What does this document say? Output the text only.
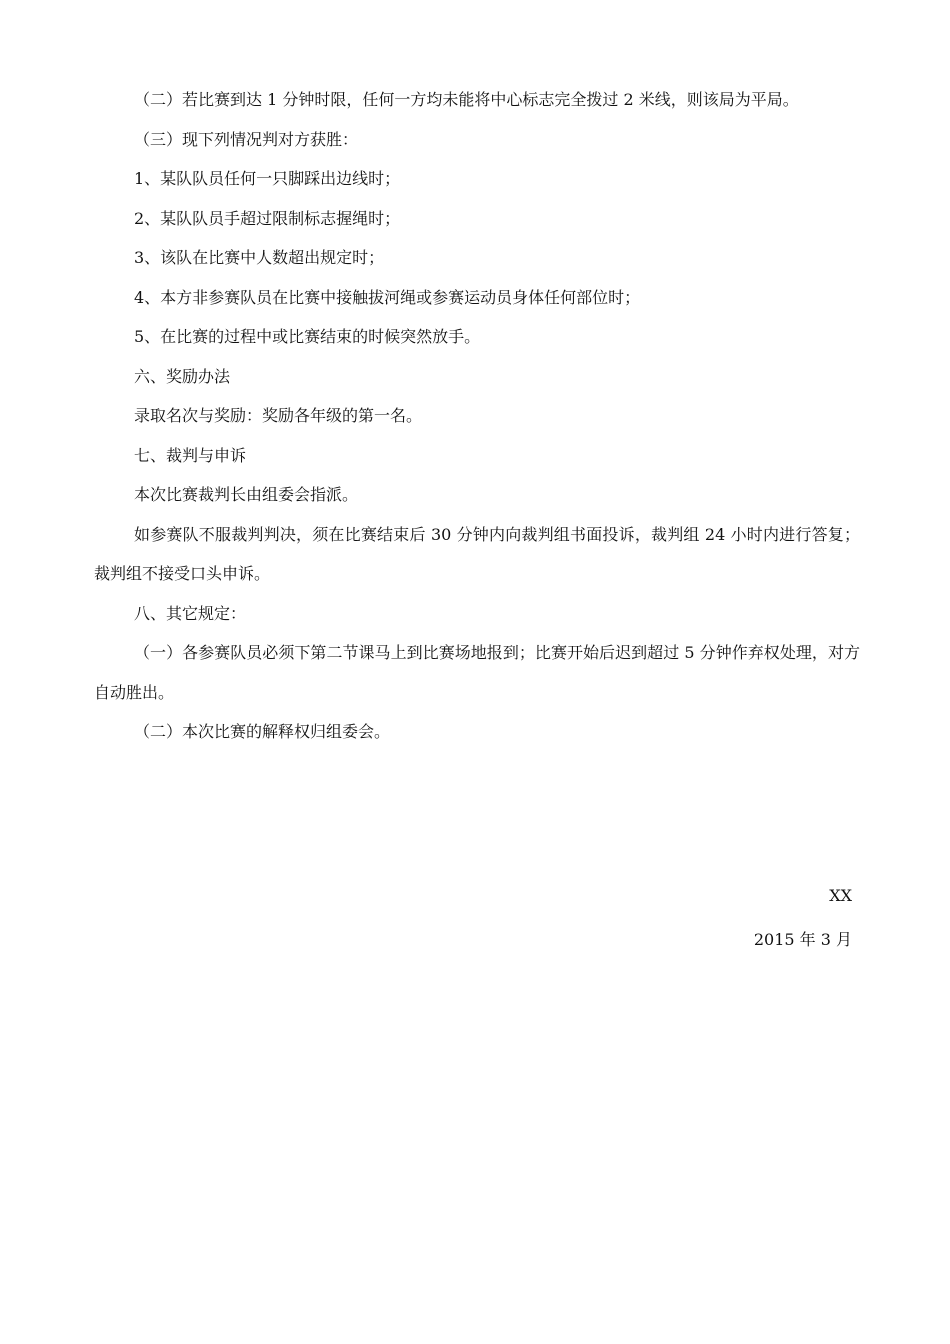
（二）若比赛到达 1 分钟时限，任何一方均未能将中心标志完全拨过 2 米线，则该局为平局。

（三）现下列情况判对方获胜：

1、某队队员任何一只脚踩出边线时；

2、某队队员手超过限制标志握绳时；

3、该队在比赛中人数超出规定时；

4、本方非参赛队员在比赛中接触拔河绳或参赛运动员身体任何部位时；

5、在比赛的过程中或比赛结束的时候突然放手。

六、奖励办法

录取名次与奖励：奖励各年级的第一名。

七、裁判与申诉

本次比赛裁判长由组委会指派。

如参赛队不服裁判判决，须在比赛结束后 30 分钟内向裁判组书面投诉，裁判组 24 小时内进行答复；裁判组不接受口头申诉。

八、其它规定：

（一）各参赛队员必须下第二节课马上到比赛场地报到；比赛开始后迟到超过 5 分钟作弃权处理，对方自动胜出。

（二）本次比赛的解释权归组委会。

XX
2015 年 3 月
